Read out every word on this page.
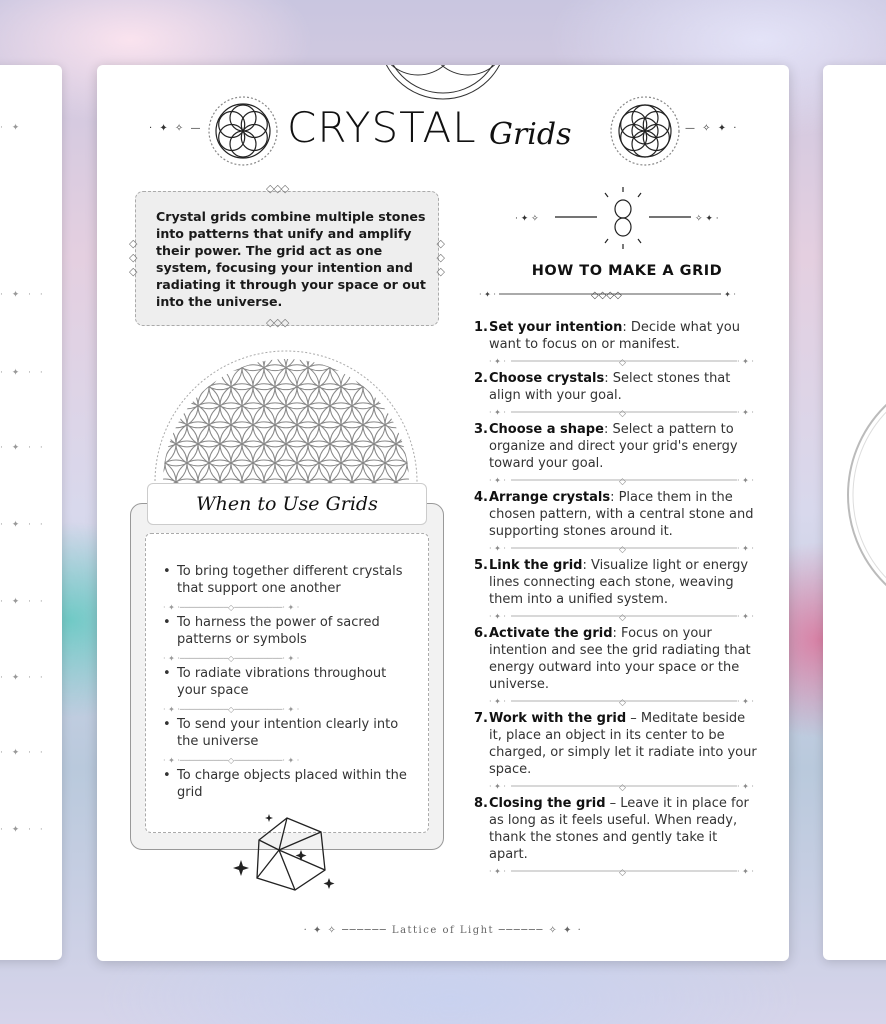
· ✦
· ✦ · ·
· ✦ · ·
· ✦ · ·
· ✦ · ·
· ✦ · ·
· ✦ · ·
· ✦ · ·
· ✦ · ·
· ✦ ✧ — CRYSTAL Grids	— ✧ ✦ ·
◇◇◇
◇
◇
◇
◇
◇
◇
Crystal grids combine multiple stones into patterns that unify and amplify their power. The grid act as one system, focusing your intention and radiating it through your space or out into the universe.
◇◇◇
When to Use Grids
• To bring together different crystals that support one another
· ✦ ·──────────◇──────────· ✦ ·
• To harness the power of sacred patterns or symbols
· ✦ ·──────────◇──────────· ✦ ·
• To radiate vibrations throughout your space
· ✦ ·──────────◇──────────· ✦ ·
• To send your intention clearly into the universe
· ✦ ·──────────◇──────────· ✦ ·
• To charge objects placed within the grid
· ✦ ✧	✧ ✦ ·
HOW TO MAKE A GRID
· ✦ ·	◇◇◇◇	· ✦ ·
1. Set your intention: Decide what you want to focus on or manifest.
· ✦ ·	◇	· ✦ ·
2. Choose crystals: Select stones that align with your goal.
· ✦ ·	◇	· ✦ ·
3. Choose a shape: Select a pattern to organize and direct your grid's energy toward your goal.
· ✦ ·	◇	· ✦ ·
4. Arrange crystals: Place them in the chosen pattern, with a central stone and supporting stones around it.
· ✦ ·	◇	· ✦ ·
5. Link the grid: Visualize light or energy lines connecting each stone, weaving them into a unified system.
· ✦ ·	◇	· ✦ ·
6. Activate the grid: Focus on your intention and see the grid radiating that energy outward into your space or the universe.
· ✦ ·	◇	· ✦ ·
7. Work with the grid – Meditate beside it, place an object in its center to be charged, or simply let it radiate into your space.
· ✦ ·	◇	· ✦ ·
8. Closing the grid – Leave it in place for as long as it feels useful. When ready, thank the stones and gently take it apart.
· ✦ ·	◇	· ✦ ·
· ✦ ✧ ────── Lattice of Light ────── ✧ ✦ ·
